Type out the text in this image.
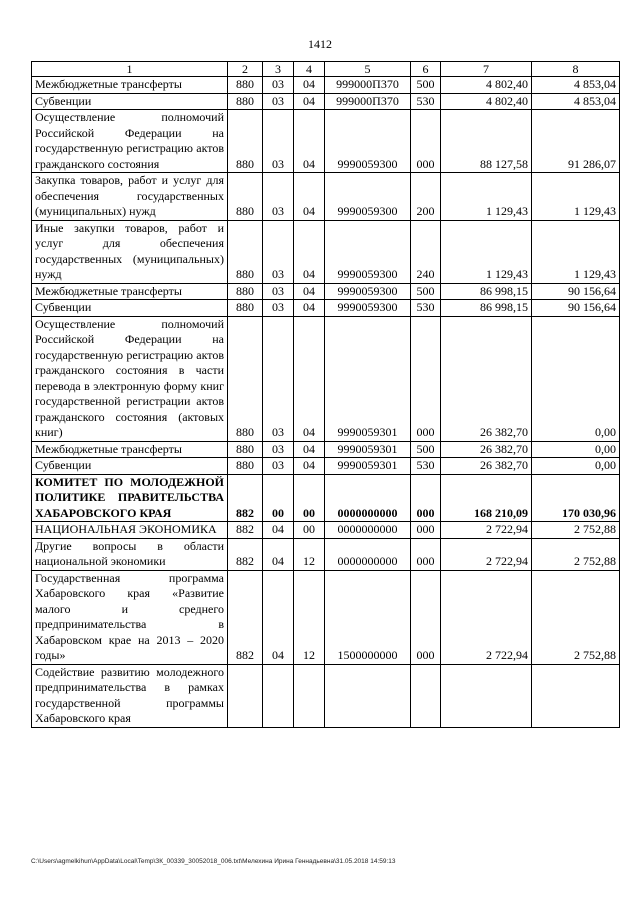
1412
1	2	3	4	5	6	7	8
Межбюджетные трансферты	880	03	04	999000П370	500	4 802,40	4 853,04
Субвенции	880	03	04	999000П370	530	4 802,40	4 853,04
Осуществление полномочий Российской Федерации на государственную регистрацию актов гражданского состояния	880	03	04	9990059300	000	88 127,58	91 286,07
Закупка товаров, работ и услуг для обеспечения государственных (муниципальных) нужд	880	03	04	9990059300	200	1 129,43	1 129,43
Иные закупки товаров, работ и услуг для обеспечения государственных (муниципальных) нужд	880	03	04	9990059300	240	1 129,43	1 129,43
Межбюджетные трансферты	880	03	04	9990059300	500	86 998,15	90 156,64
Субвенции	880	03	04	9990059300	530	86 998,15	90 156,64
Осуществление полномочий Российской Федерации на государственную регистрацию актов гражданского состояния в части перевода в электронную форму книг государственной регистрации актов гражданского состояния (актовых книг)	880	03	04	9990059301	000	26 382,70	0,00
Межбюджетные трансферты	880	03	04	9990059301	500	26 382,70	0,00
Субвенции	880	03	04	9990059301	530	26 382,70	0,00
КОМИТЕТ ПО МОЛОДЕЖНОЙ ПОЛИТИКЕ ПРАВИТЕЛЬСТВА ХАБАРОВСКОГО КРАЯ	882	00	00	0000000000	000	168 210,09	170 030,96
НАЦИОНАЛЬНАЯ ЭКОНОМИКА	882	04	00	0000000000	000	2 722,94	2 752,88
Другие вопросы в области национальной экономики	882	04	12	0000000000	000	2 722,94	2 752,88
Государственная программа Хабаровского края «Развитие малого и среднего предпринимательства в Хабаровском крае на 2013 – 2020 годы»	882	04	12	1500000000	000	2 722,94	2 752,88
Содействие развитию молодежного предпринимательства в рамках государственной программы Хабаровского края							
C:\Users\agmelkihun\AppData\Local\Temp\ЗК_00339_30052018_006.txt\Мелехина Ирина Геннадьевна\31.05.2018 14:59:13
